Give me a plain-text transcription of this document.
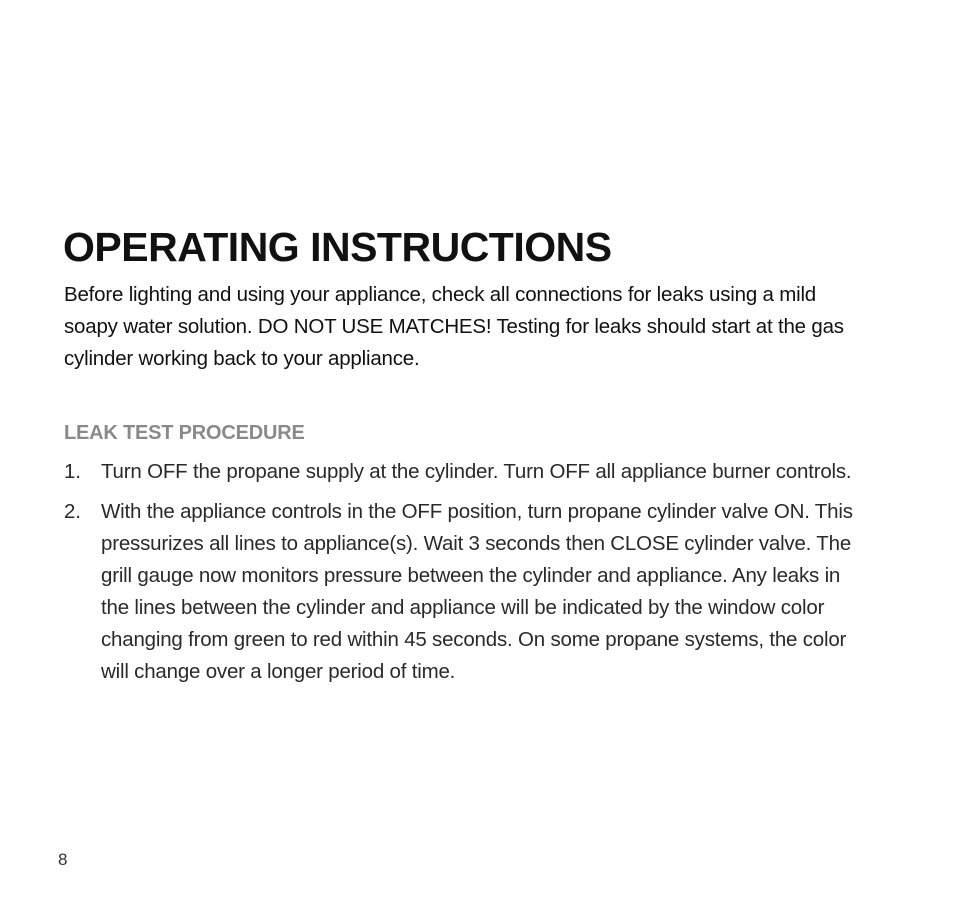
OPERATING INSTRUCTIONS

Before lighting and using your appliance, check all connections for leaks using a mild soapy water solution. DO NOT USE MATCHES! Testing for leaks should start at the gas cylinder working back to your appliance.

LEAK TEST PROCEDURE
1. Turn OFF the propane supply at the cylinder. Turn OFF all appliance burner controls.
2. With the appliance controls in the OFF position, turn propane cylinder valve ON. This pressurizes all lines to appliance(s). Wait 3 seconds then CLOSE cylinder valve. The grill gauge now monitors pressure between the cylinder and appliance. Any leaks in the lines between the cylinder and appliance will be indicated by the window color changing from green to red within 45 seconds. On some propane systems, the color will change over a longer period of time.
8
